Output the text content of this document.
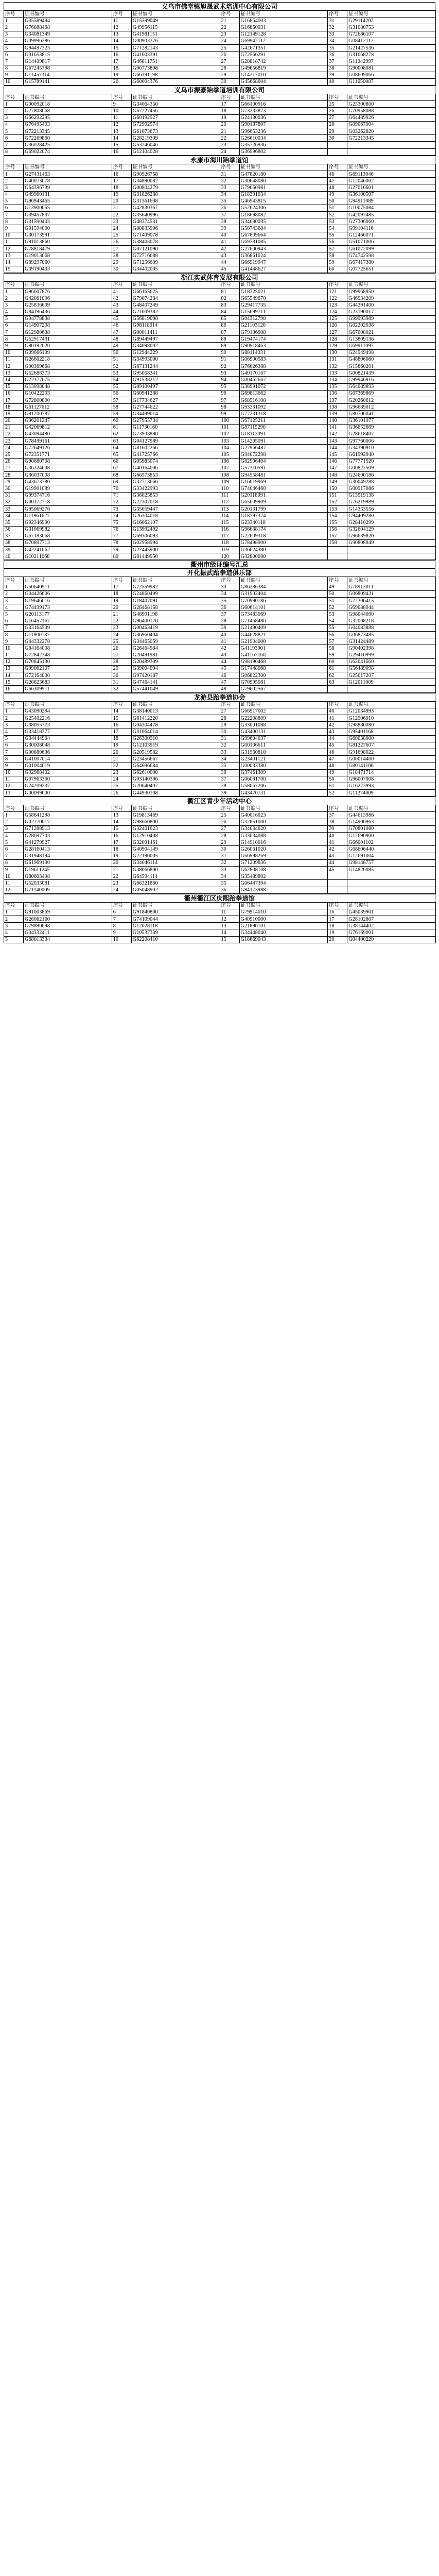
义乌市佛堂镇旭晟武术培训中心有限公司
序号	证书编号	序号	证书编号	序号	证书编号	序号	证书编号
1	G35589494	11	G15399049	21	G16864003	31	G29114202
2	G76888468	12	G49956115	22	G16860031	32	G31080753
3	G34081349	13	G41981151	23	G12149128	33	G72686107
4	G09996286	14	G00903376	24	G69942112	34	G08412117
5	G94497323	15	G71282143	25	G42671351	35	G21427536
6	G31653815	16	G41603391	26	G72566291	36	G31068278
7	G14409817	17	G46811751	27	G28818742	37	G11042997
8	G67245798	18	G06773808	28	G49656819	38	G90008081
9	G11457314	19	G66391198	29	G14217010	39	G08609066
10	G15789141	20	G60004376	30	G45668604	40	G11650087
义乌市振豪跆拳道培训有限公司
序号	证书编号	序号	证书编号	序号	证书编号	序号	证书编号
1	G00092018	9	G34064350	17	G66100916	25	G23300800
2	G27808068	10	G67227456	18	G73233873	26	G70958088
3	G66292295	11	G60192927	19	G24180036	27	G64489926
4	G76495403	12	G72902574	20	G90187807	28	G09067004
5	G72213345	13	G61073673	21	G96653236	29	G03262820
6	G72269860	14	G28219309	22	G26610034	30	G72213345
7	G36028425	15	G53246046	23	G35726936		
8	G69022074	16	G12104028	24	G36996802		
永康市海川跆拳道馆
序号	证书编号	序号	证书编号	序号	证书编号	序号	证书编号
1	G27431463	16	G90926758	31	G47820180	46	G69113046
2	G40073078	17	G34890082	32	G30648080	47	G12046002
3	G64396739	18	G00804279	33	G79660981	48	G27016601
4	G49960131	19	G31826288	34	G18301034	49	G36100507
5	G90943465	20	G31361608	35	G46543815	50	G94911089
6	G13900055	21	G42830367	36	G52624306	51	G10075084
7	G39457837	22	G35640996	37	G18698082	52	G42097485
8	G31590403	23	G48374531	38	G34080035	53	G27306060
9	G01594000	24	G88833906	39	G58743684	54	G99104116
10	G30173991	25	G71409078	40	G67809664	55	G12466071
11	G91013860	26	G38403078	41	G69781085	56	G51071006
12	G78818479	27	G07121090	42	G27600943	57	G61072099
13	G19013068	28	G72716688	43	G36861024	58	G74742598
14	G89297060	29	G71256609	44	G66919947	59	G67417380
15	G09190403	30	G34402005	45	G41448627	60	G07725651
浙江实武体育发展有限公司
序号	证书编号	序号	证书编号	序号	证书编号	序号	证书编号
1	G96607876	41	G66165625	81	G18325021	121	G99968950
2	G42061096	42	G79074284	82	G65549670	122	G46934209
3	G25836609	43	G48407249	83	G29417735	123	G44391400
4	G84196436	44	G21009382	84	G15699711	124	G23190017
5	G94778838	45	G56819098	85	G04312790	125	G99993989
6	G14907208	46	G98118014	86	G21103120	126	G02202038
7	G12980638	47	G00011411	87	G79186908	127	G67008021
8	G52917431	48	G89449497	88	G19474174	128	G13809136
9	G80192020	49	G34098002	89	G90918463	129	G69911097
10	G09666199	50	G12944229	90	G88114331	130	G24949498
11	G26602218	51	G34993000	91	G06900583	131	G48806060
12	G90369668	52	G67131244	92	G76626388	132	G15860201
13	G52688373	53	G95058341	93	G40170167	133	G00821439
14	G22377075	54	G91538212	94	G00462667	134	G99946916
15	G13098048	55	G09100497	95	G38991072	135	G64089893
16	G10422203	56	G60941288	96	G69813662	136	G67369869
17	G72800800	57	G17734627	97	G68516108	137	G20260612
18	G61127612	58	G27744622	98	G93331092	138	G96689012
19	G81200787	59	G34499014	99	G77231318	139	G80700041
20	G96201247	60	G27955734	100	G67125211	140	G36101077
21	G42069812	61	G11730160	101	G87115290	141	G36652669
22	G43094480	62	G73933880	102	G18112091	142	G28618407
23	G78499161	63	G04127989	103	G14205091	143	G97760006
24	G72649126	64	G81602266	104	G27966487	144	G34390910
25	G72351771	65	G41725766	105	G94072298	145	G61992940
26	G90680708	66	G05983074	106	G62906404	146	G77771520
27	G36324608	67	G40164006	107	G57310591	147	G00822509
28	G36037008	68	G66573853	108	G94558481	148	G24600186
29	G43673780	69	G32713666	109	G16019969	149	G30049288
30	G19901089	70	G33422993	110	G74046460	150	G00917086
31	G99374716	71	G36025853	111	G20118091	151	G13519138
32	G00172718	72	G22307018	112	G65009909	152	G76219989
33	G95069276	73	G35059447	113	G20131799	153	G14333556
34	G11961627	74	G26304018	114	G18797374	154	G94409280
35	G92346990	75	G16062107	115	G23340118	155	G28410299
36	G31069982	76	G13992492	116	G96638174	156	G32604129
37	G67183068	77	G69306093	117	G22609318	157	G96639820
38	G70897713	78	G02958994	118	G78498900	158	G90808949
39	G42241062	79	G22445900	119	G36624380		
40	G10211068	80	G81449950	120	G32800080		
衢州市级证编号汇总
开化振武跆拳道俱乐部
序号	证书编号	序号	证书编号	序号	证书编号	序号	证书编号
1	G50640911	17	G72559982	33	G86286384	49	G78913011
2	G04426606	18	G24860499	34	G31902404	50	G06809431
3	G19646016	19	G18407091	35	G70990186	51	G72306415
4	G74499173	20	G26468158	36	G60614101	52	G69088044
5	G20113177	21	G48991198	37	G73483069	53	G98044090
6	G16457167	22	G96400170	38	G71468480	54	G32008218
7	G33164509	23	G00463419	39	G21490409	55	G04083888
8	G11900187	24	G36960404	40	G44628821	56	G06873485
9	G44332278	25	G34465059	41	G21904000	57	G31424489
10	G84164008	26	G26464984	42	G41193001	58	G90402398
11	G72842348	27	G20491981	43	G41167160	59	G29410999
12	G70845130	28	G20489309	44	G98190468	60	G62041660
13	G99062107	29	G39004094	45	G17448068	61	G56489098
14	G72164000	30	G97420187	46	G06822300	62	G25017207
15	G20623683	31	G47464141	47	G70995081	63	G12011009
16	G66309911	32	G57441049	48	G79602567		
龙游县跆拳道协会
序号	证书编号	序号	证书编号	序号	证书编号	序号	证书编号
1	G43090294	14	G38140013	27	G66917002	40	G12034993
2	G25402216	15	G61412220	28	G22208809	41	G12906010
3	G38055773	16	G04304478	29	G33001088	42	G98880080
4	G33418377	17	G31064014	30	G43400131	43	G95401168
5	G34444904	18	G26300910	31	G99604037	44	G60038000
6	G30008048	19	G12103919	32	G00106611	45	G81227607
7	G00880636	20	G20519582	33	G31960810	46	G91698022
8	G41007014	21	G23456667	34	G23401121	47	G00014400
9	G01004019	22	G64696684	35	G00033380	48	G80141106
10	G92968402	23	G62610000	36	G37461309	49	G18471714
11	G07963360	24	G03140306	37	G06081700	50	G96007008
12	G24209237	25	G20640407	38	G58067206	51	G16273993
13	G00099000	26	G44930108	39	G43470131	52	G11274009
衢江区青少年活动中心
序号	证书编号	序号	证书编号	序号	证书编号	序号	证书编号
1	G58641298	13	G19813469	25	G40016023	37	G44613986
2	G02770017	14	G98660800	26	G32851000	38	G14900963
3	G71288913	15	G32401623	27	G34034620	39	G70801080
4	G28697703	16	G12910408	28	G33034088	40	G12690900
5	G41279927	17	G32091461	29	G14910016	41	G66001102
6	G28160413	18	G40904149	30	G26061020	42	G68606440
7	G31948194	19	G22190005	31	G66998269	43	G12691004
8	G61969100	20	G34046114	32	G71209836	44	G98148757
9	G19611245	21	G38066800	33	G62808108	45	G14820085
10	G80603498	22	G64594114	34	G35489802		
11	G52033081	23	G66321860	35	G06447394		
12	G71140009	24	G05048902	36	G84173988		
衢州衢江区庆熙跆拳道馆
序号	证书编号	序号	证书编号	序号	证书编号	序号	证书编号
1	G91003869	6	G91840800	11	G79914010	16	G45039901
2	G26062160	7	G74109044	12	G40910000	17	G28102807
3	G79890098	8	G12028118	13	G21890101	18	G38144402
4	G34332411	9	G10537339	14	G34448040	19	G76169001
5	G68013334	10	G62208410	15	G18669043	20	G04400220
